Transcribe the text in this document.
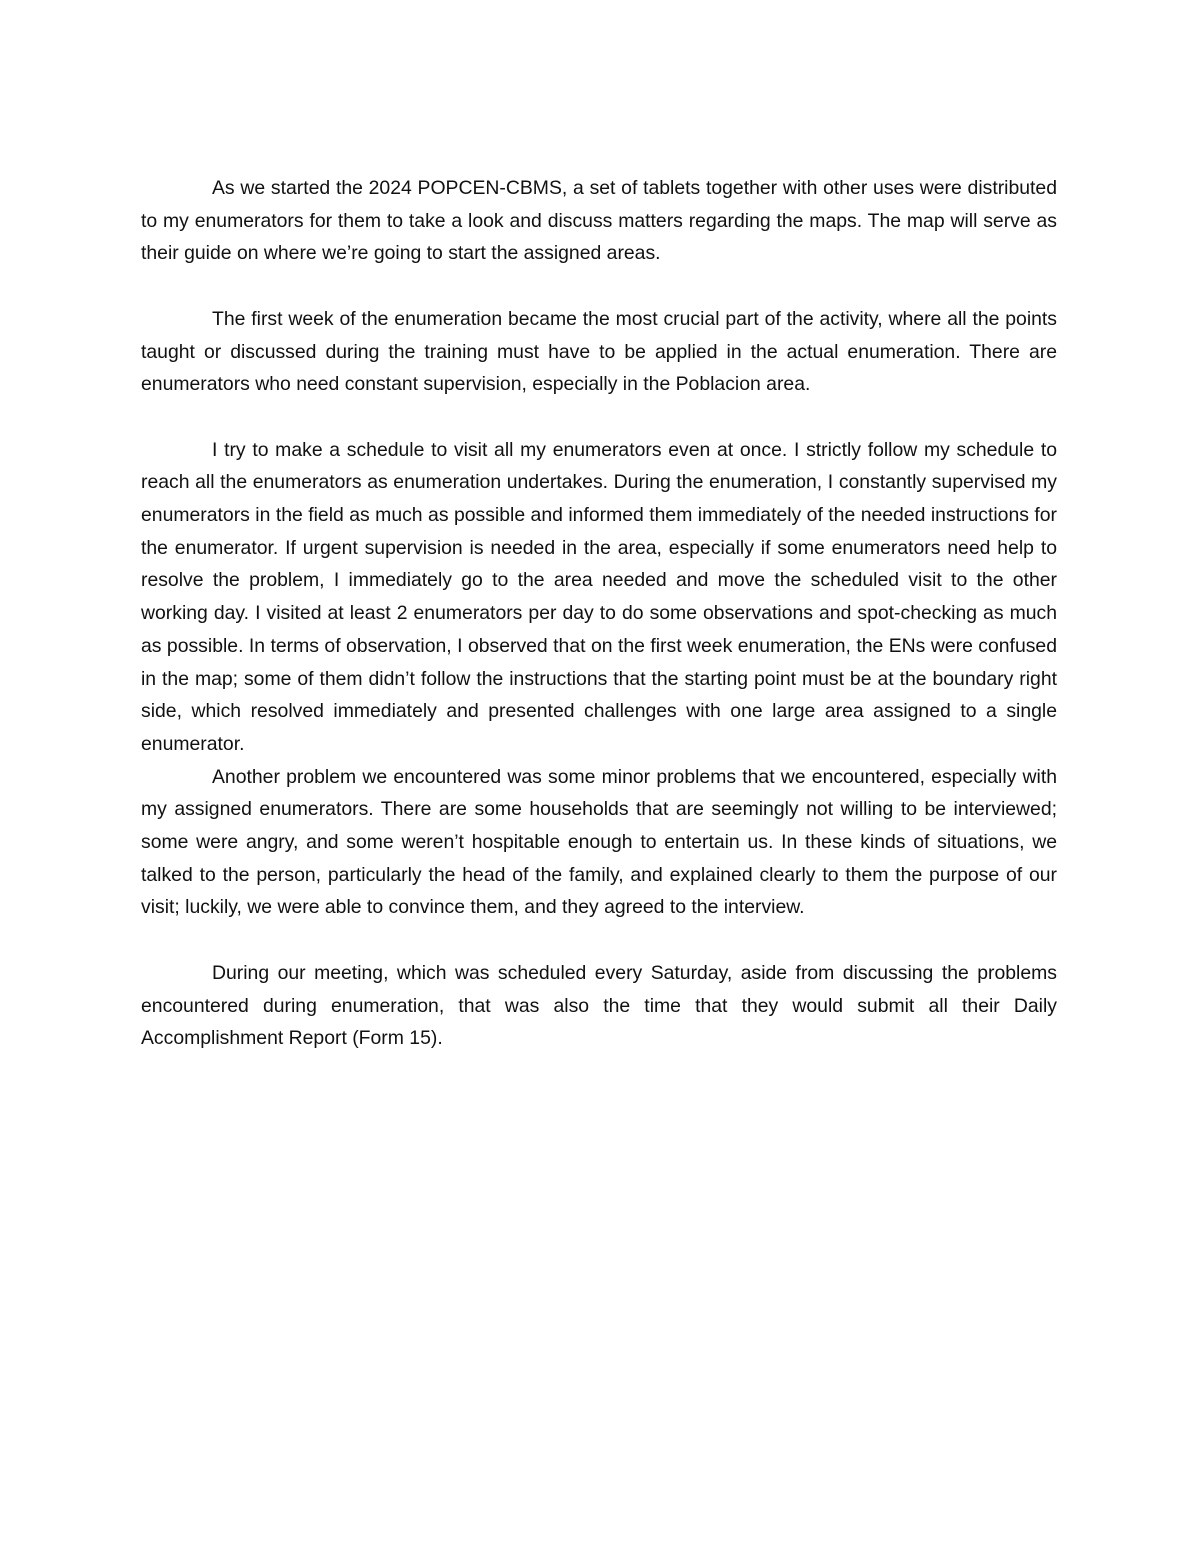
As we started the 2024 POPCEN-CBMS, a set of tablets together with other uses were distributed to my enumerators for them to take a look and discuss matters regarding the maps. The map will serve as their guide on where we’re going to start the assigned areas.

The first week of the enumeration became the most crucial part of the activity, where all the points taught or discussed during the training must have to be applied in the actual enumeration. There are enumerators who need constant supervision, especially in the Poblacion area.

I try to make a schedule to visit all my enumerators even at once. I strictly follow my schedule to reach all the enumerators as enumeration undertakes. During the enumeration, I constantly supervised my enumerators in the field as much as possible and informed them immediately of the needed instructions for the enumerator. If urgent supervision is needed in the area, especially if some enumerators need help to resolve the problem, I immediately go to the area needed and move the scheduled visit to the other working day. I visited at least 2 enumerators per day to do some observations and spot-checking as much as possible. In terms of observation, I observed that on the first week enumeration, the ENs were confused in the map; some of them didn’t follow the instructions that the starting point must be at the boundary right side, which resolved immediately and presented challenges with one large area assigned to a single enumerator.

Another problem we encountered was some minor problems that we encountered, especially with my assigned enumerators. There are some households that are seemingly not willing to be interviewed; some were angry, and some weren’t hospitable enough to entertain us. In these kinds of situations, we talked to the person, particularly the head of the family, and explained clearly to them the purpose of our visit; luckily, we were able to convince them, and they agreed to the interview.

During our meeting, which was scheduled every Saturday, aside from discussing the problems encountered during enumeration, that was also the time that they would submit all their Daily Accomplishment Report (Form 15).
